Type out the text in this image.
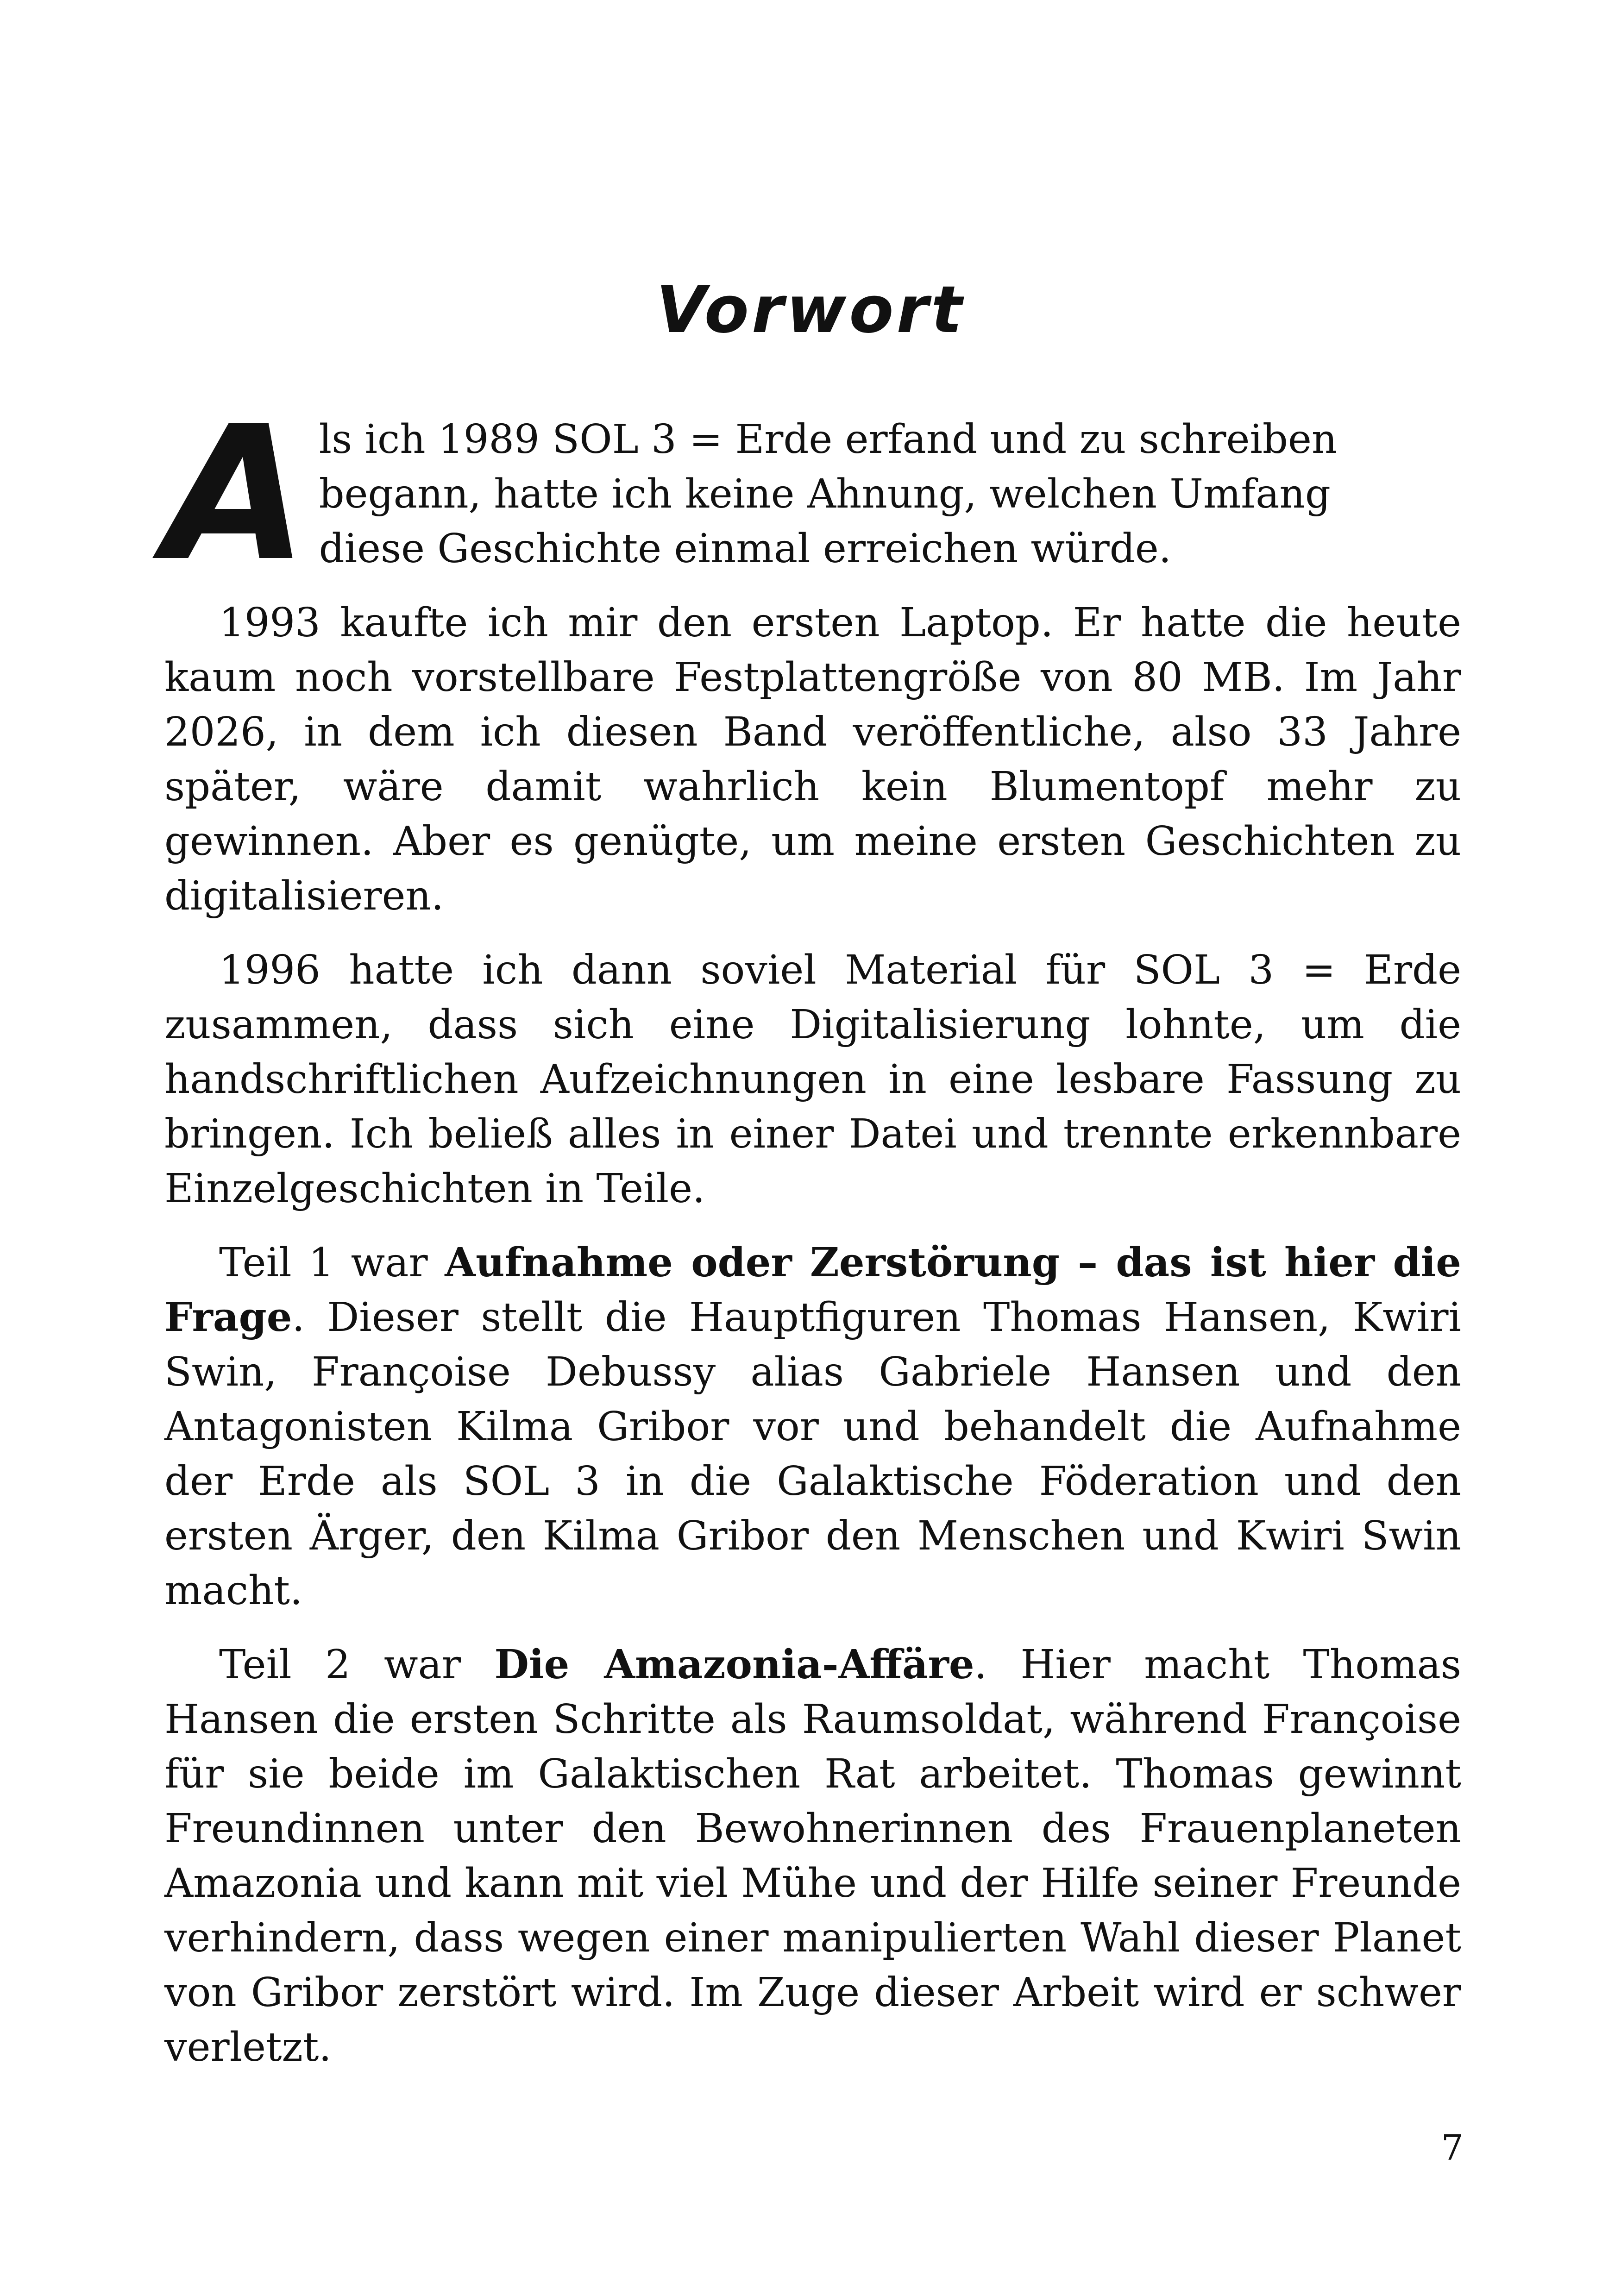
Vorwort

A ls ich 1989 SOL 3 = Erde erfand und zu schreiben
begann, hatte ich keine Ahnung, welchen Umfang
diese Geschichte einmal erreichen würde.

1993 kaufte ich mir den ersten Laptop. Er hatte die heute kaum noch vorstellbare Festplattengröße von 80 MB. Im Jahr 2026, in dem ich diesen Band veröffentliche, also 33 Jahre später, wäre damit wahrlich kein Blumentopf mehr zu gewinnen. Aber es genügte, um meine ersten Geschichten zu digitalisieren.

1996 hatte ich dann soviel Material für SOL 3 = Erde zusammen, dass sich eine Digitalisierung lohnte, um die handschriftlichen Aufzeichnungen in eine lesbare Fassung zu bringen. Ich beließ alles in einer Datei und trennte erkennbare Einzelgeschichten in Teile.

Teil 1 war Aufnahme oder Zerstörung – das ist hier die Frage. Dieser stellt die Hauptfiguren Thomas Hansen, Kwiri Swin, Françoise Debussy alias Gabriele Hansen und den Antagonisten Kilma Gribor vor und behandelt die Aufnahme der Erde als SOL 3 in die Galaktische Föderation und den ersten Ärger, den Kilma Gribor den Menschen und Kwiri Swin macht.

Teil 2 war Die Amazonia-Affäre. Hier macht Thomas Hansen die ersten Schritte als Raumsoldat, während Françoise für sie beide im Galaktischen Rat arbeitet. Thomas gewinnt Freundinnen unter den Bewohnerinnen des Frauenplaneten Amazonia und kann mit viel Mühe und der Hilfe seiner Freunde verhindern, dass wegen einer manipulierten Wahl dieser Planet von Gribor zerstört wird. Im Zuge dieser Arbeit wird er schwer verletzt.

7
